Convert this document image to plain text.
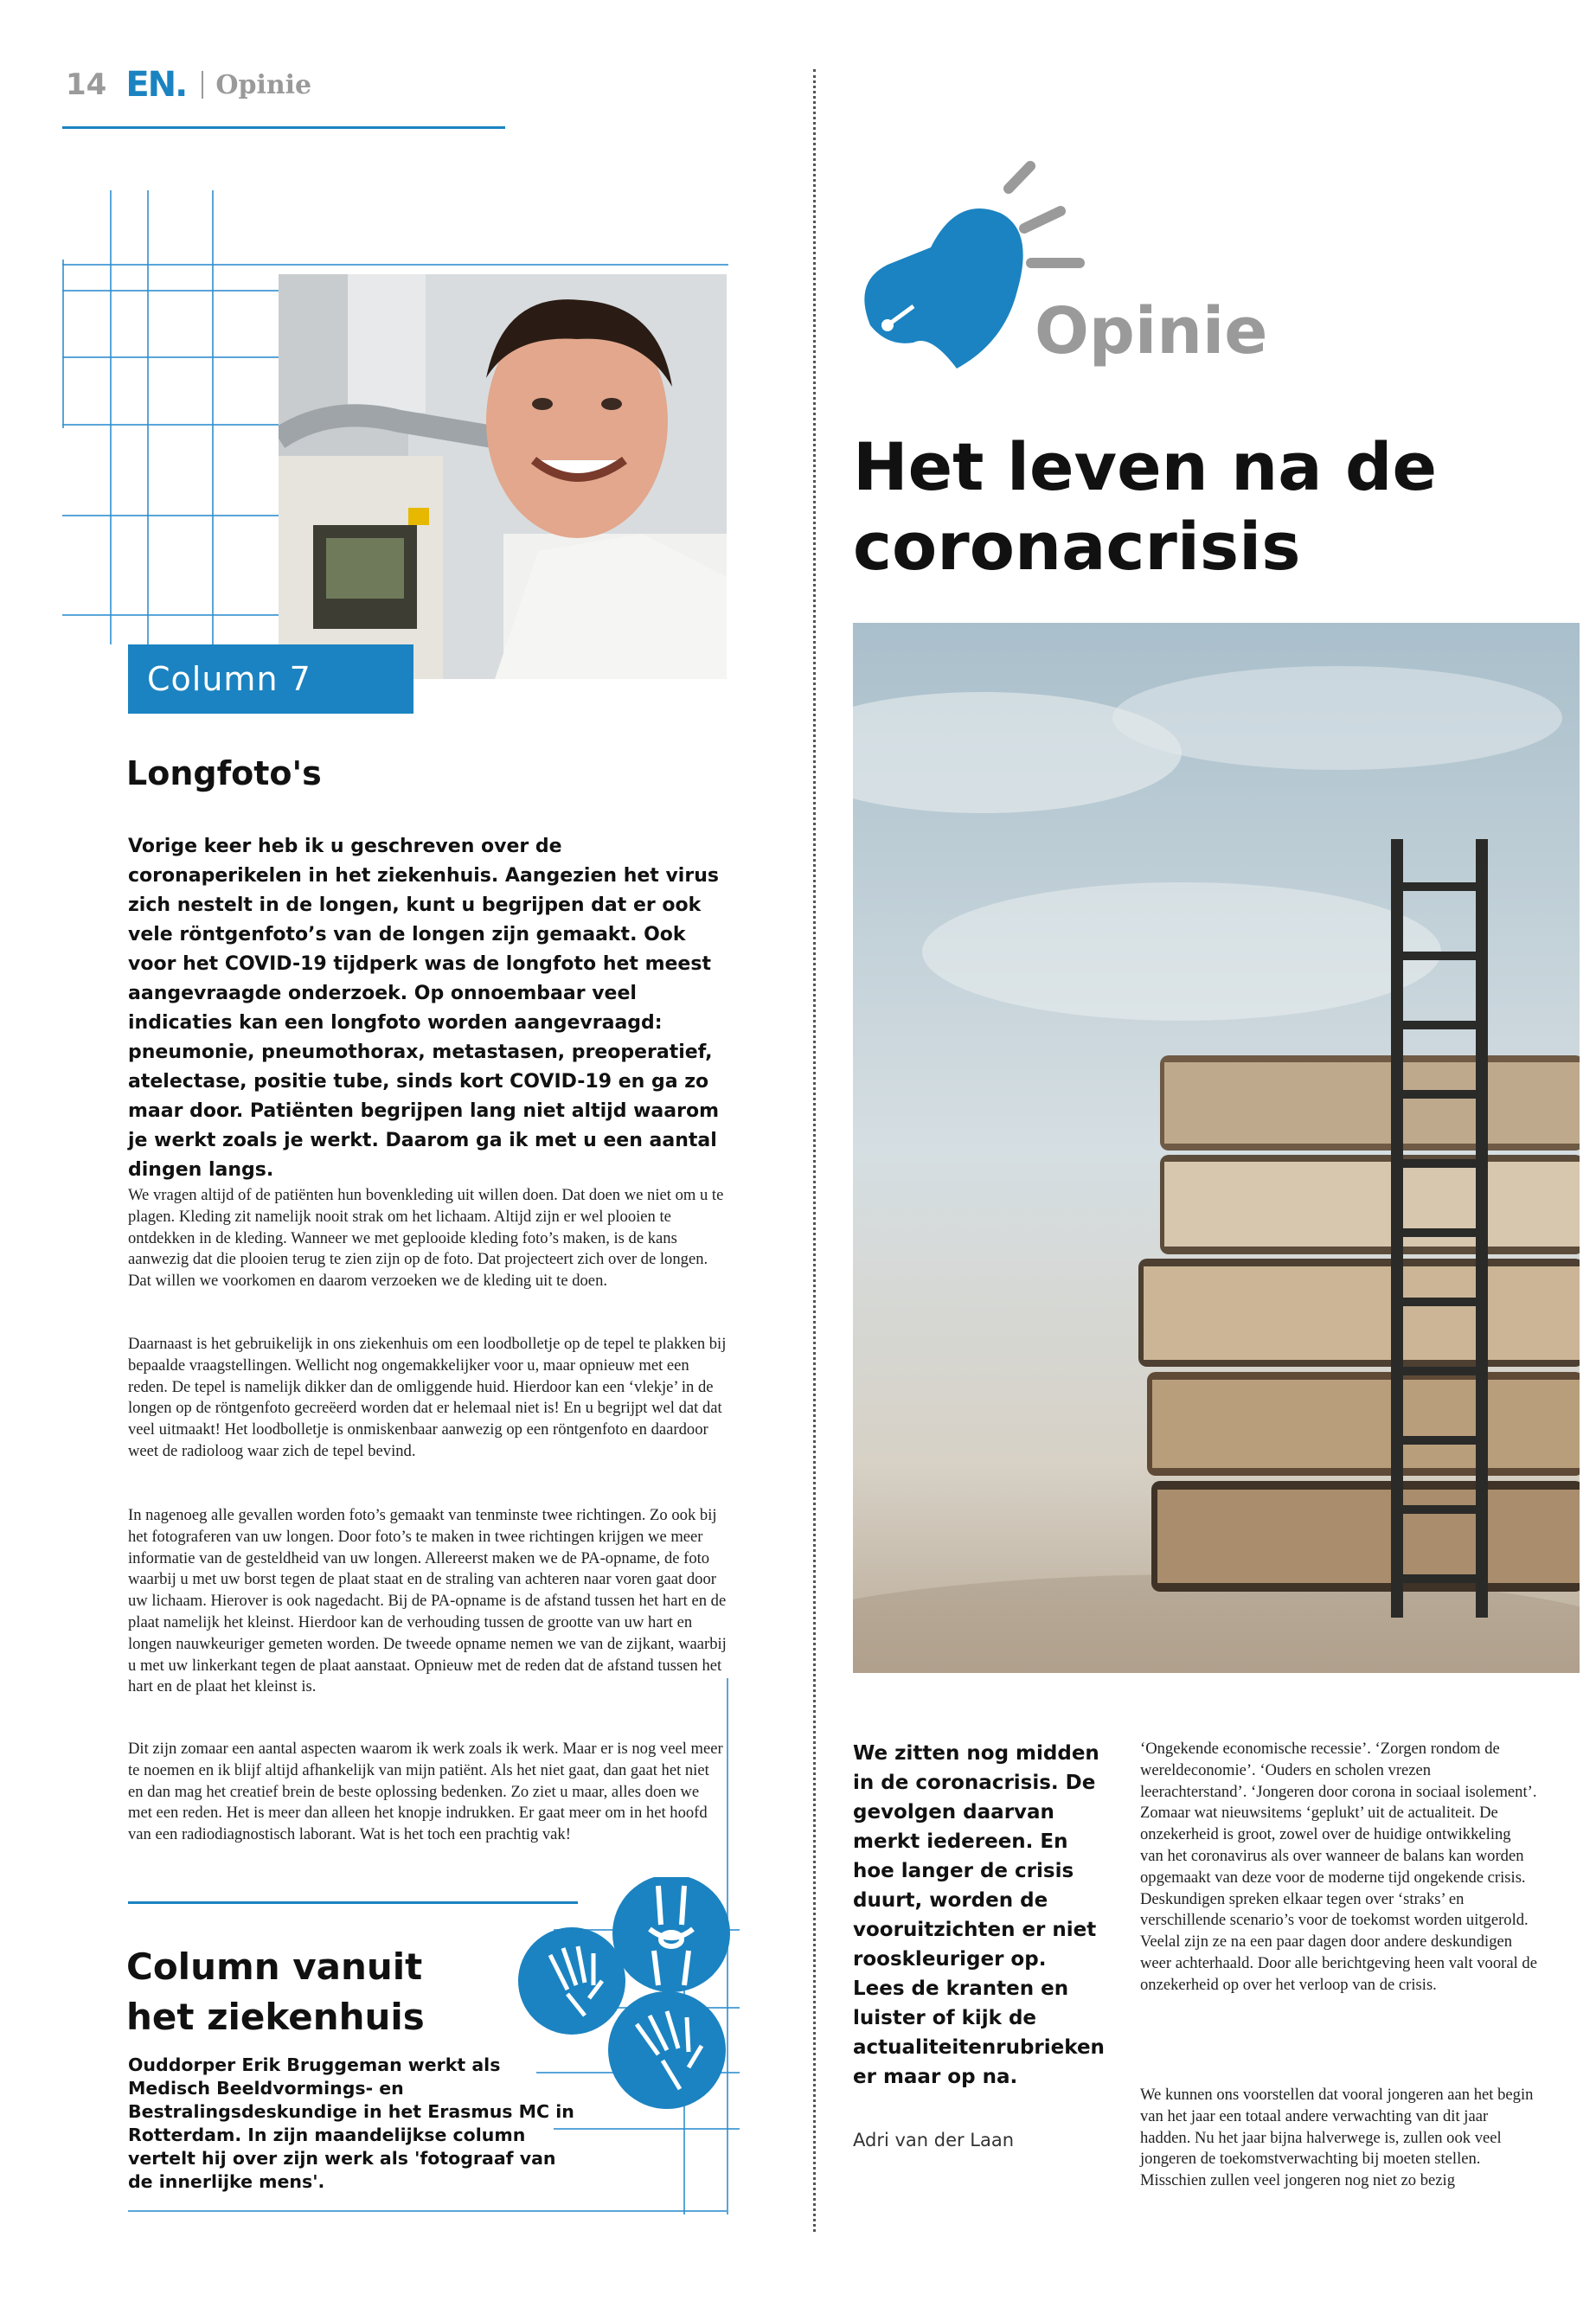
14 EN. Opinie
Column 7
Longfoto's

Vorige keer heb ik u geschreven over de coronaperikelen in het ziekenhuis. Aangezien het virus zich nestelt in de longen, kunt u begrijpen dat er ook vele röntgenfoto’s van de longen zijn gemaakt. Ook voor het COVID-19 tijdperk was de longfoto het meest aangevraagde onderzoek. Op onnoembaar veel indicaties kan een longfoto worden aangevraagd: pneumonie, pneumothorax, metastasen, preoperatief, atelectase, positie tube, sinds kort COVID-19 en ga zo maar door. Patiënten begrijpen lang niet altijd waarom je werkt zoals je werkt. Daarom ga ik met u een aantal dingen langs.

We vragen altijd of de patiënten hun bovenkleding uit willen doen. Dat doen we niet om u te plagen. Kleding zit namelijk nooit strak om het lichaam. Altijd zijn er wel plooien te ontdekken in de kleding. Wanneer we met geplooide kleding foto’s maken, is de kans aanwezig dat die plooien terug te zien zijn op de foto. Dat projecteert zich over de longen. Dat willen we voorkomen en daarom verzoeken we de kleding uit te doen.

Daarnaast is het gebruikelijk in ons ziekenhuis om een loodbolletje op de tepel te plakken bij bepaalde vraagstellingen. Wellicht nog ongemakkelijker voor u, maar opnieuw met een reden. De tepel is namelijk dikker dan de omliggende huid. Hierdoor kan een ‘vlekje’ in de longen op de röntgenfoto gecreëerd worden dat er helemaal niet is! En u begrijpt wel dat dat veel uitmaakt! Het loodbolletje is onmiskenbaar aanwezig op een röntgenfoto en daardoor weet de radioloog waar zich de tepel bevind.

In nagenoeg alle gevallen worden foto’s gemaakt van tenminste twee richtingen. Zo ook bij het fotograferen van uw longen. Door foto’s te maken in twee richtingen krijgen we meer informatie van de gesteldheid van uw longen. Allereerst maken we de PA-opname, de foto waarbij u met uw borst tegen de plaat staat en de straling van achteren naar voren gaat door uw lichaam. Hierover is ook nagedacht. Bij de PA-opname is de afstand tussen het hart en de plaat namelijk het kleinst. Hierdoor kan de verhouding tussen de grootte van uw hart en longen nauwkeuriger gemeten worden. De tweede opname nemen we van de zijkant, waarbij u met uw linkerkant tegen de plaat aanstaat. Opnieuw met de reden dat de afstand tussen het hart en de plaat het kleinst is.

Dit zijn zomaar een aantal aspecten waarom ik werk zoals ik werk. Maar er is nog veel meer te noemen en ik blijf altijd afhankelijk van mijn patiënt. Als het niet gaat, dan gaat het niet en dan mag het creatief brein de beste oplossing bedenken. Zo ziet u maar, alles doen we met een reden. Het is meer dan alleen het knopje indrukken. Er gaat meer om in het hoofd van een radiodiagnostisch laborant. Wat is het toch een prachtig vak!

Column vanuit
het ziekenhuis

Ouddorper Erik Bruggeman werkt als Medisch Beeldvormings- en Bestralingsdeskundige in het Erasmus MC in Rotterdam. In zijn maandelijkse column vertelt hij over zijn werk als 'fotograaf van de innerlijke mens'.

Opinie
Het leven na de
coronacrisis

We zitten nog midden in de coronacrisis. De gevolgen daarvan merkt iedereen. En hoe langer de crisis duurt, worden de vooruitzichten er niet rooskleuriger op. Lees de kranten en luister of kijk de actualiteitenrubrieken er maar op na.

Adri van der Laan

‘Ongekende economische recessie’. ‘Zorgen rondom de wereldeconomie’. ‘Ouders en scholen vrezen leerachterstand’. ‘Jongeren door corona in sociaal isolement’. Zomaar wat nieuwsitems ‘geplukt’ uit de actualiteit. De onzekerheid is groot, zowel over de huidige ontwikkeling van het coronavirus als over wanneer de balans kan worden opgemaakt van deze voor de moderne tijd ongekende crisis. Deskundigen spreken elkaar tegen over ‘straks’ en verschillende scenario’s voor de toekomst worden uitgerold. Veelal zijn ze na een paar dagen door andere deskundigen weer achterhaald. Door alle berichtgeving heen valt vooral de onzekerheid op over het verloop van de crisis.

We kunnen ons voorstellen dat vooral jongeren aan het begin van het jaar een totaal andere verwachting van dit jaar hadden. Nu het jaar bijna halverwege is, zullen ook veel jongeren de toekomstverwachting bij moeten stellen. Misschien zullen veel jongeren nog niet zo bezig
